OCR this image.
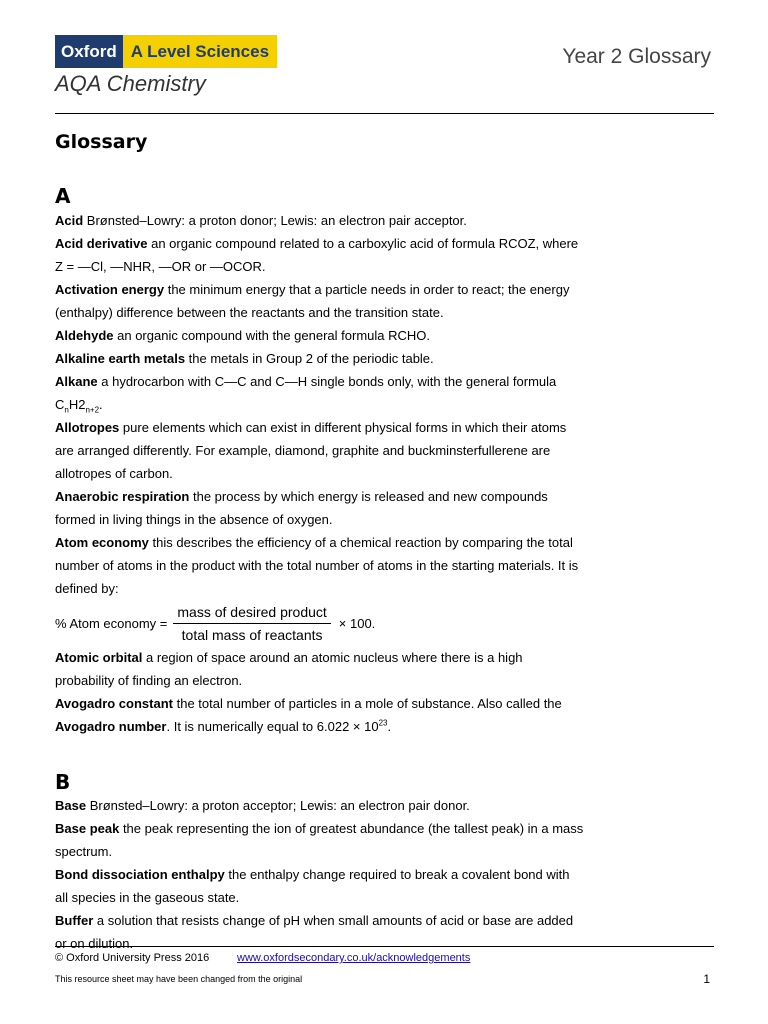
Oxford A Level Sciences
AQA Chemistry
Year 2 Glossary
Glossary
A

Acid Brønsted–Lowry: a proton donor; Lewis: an electron pair acceptor.

Acid derivative an organic compound related to a carboxylic acid of formula RCOZ, where Z = —Cl, —NHR, —OR or —OCOR.

Activation energy the minimum energy that a particle needs in order to react; the energy (enthalpy) difference between the reactants and the transition state.

Aldehyde an organic compound with the general formula RCHO.

Alkaline earth metals the metals in Group 2 of the periodic table.

Alkane a hydrocarbon with C—C and C—H single bonds only, with the general formula $C_nH2_{n+2}$.

Allotropes pure elements which can exist in different physical forms in which their atoms are arranged differently. For example, diamond, graphite and buckminsterfullerene are allotropes of carbon.

Anaerobic respiration the process by which energy is released and new compounds formed in living things in the absence of oxygen.

Atom economy this describes the efficiency of a chemical reaction by comparing the total number of atoms in the product with the total number of atoms in the starting materials. It is defined by:

% Atom economy = $\frac{\text{mass of desired product}}{\text{total mass of reactants}} \times 100$.

Atomic orbital a region of space around an atomic nucleus where there is a high probability of finding an electron.

Avogadro constant the total number of particles in a mole of substance. Also called the Avogadro number. It is numerically equal to $6.022 \times 10^{23}$.

B

Base Brønsted–Lowry: a proton acceptor; Lewis: an electron pair donor.

Base peak the peak representing the ion of greatest abundance (the tallest peak) in a mass spectrum.

Bond dissociation enthalpy the enthalpy change required to break a covalent bond with all species in the gaseous state.

Buffer a solution that resists change of pH when small amounts of acid or base are added or on dilution.

© Oxford University Press 2016	www.oxfordsecondary.co.uk/acknowledgements
This resource sheet may have been changed from the original	1
